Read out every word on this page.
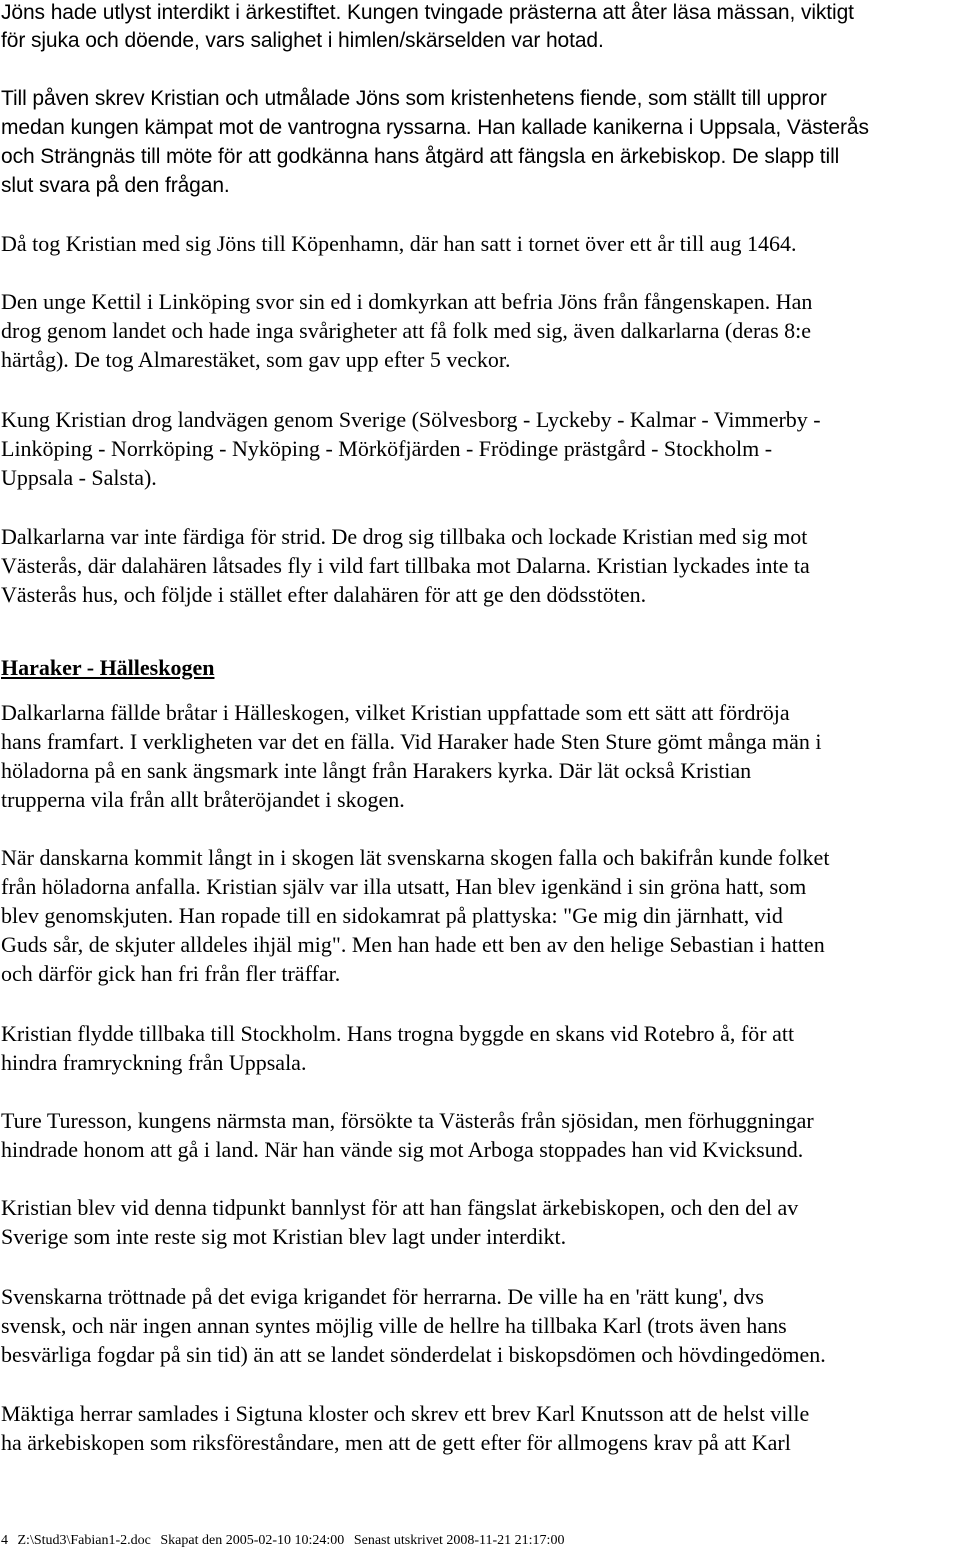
Jöns hade utlyst interdikt i ärkestiftet. Kungen tvingade prästerna att åter läsa mässan, viktigt

för sjuka och döende, vars salighet i himlen/skärselden var hotad.

Till påven skrev Kristian och utmålade Jöns som kristenhetens fiende, som ställt till uppror

medan kungen kämpat mot de vantrogna ryssarna. Han kallade kanikerna i Uppsala, Västerås

och Strängnäs till möte för att godkänna hans åtgärd att fängsla en ärkebiskop. De slapp till

slut svara på den frågan.

Då tog Kristian med sig Jöns till Köpenhamn, där han satt i tornet över ett år till aug 1464.

Den unge Kettil i Linköping svor sin ed i domkyrkan att befria Jöns från fångenskapen. Han

drog genom landet och hade inga svårigheter att få folk med sig, även dalkarlarna (deras 8:e

härtåg). De tog Almarestäket, som gav upp efter 5 veckor.

Kung Kristian drog landvägen genom Sverige (Sölvesborg - Lyckeby - Kalmar - Vimmerby -

Linköping - Norrköping - Nyköping - Mörköfjärden - Frödinge prästgård - Stockholm -

Uppsala - Salsta).

Dalkarlarna var inte färdiga för strid. De drog sig tillbaka och lockade Kristian med sig mot

Västerås, där dalahären låtsades fly i vild fart tillbaka mot Dalarna. Kristian lyckades inte ta

Västerås hus, och följde i stället efter dalahären för att ge den dödsstöten.

Haraker - Hälleskogen

Dalkarlarna fällde bråtar i Hälleskogen, vilket Kristian uppfattade som ett sätt att fördröja

hans framfart. I verkligheten var det en fälla. Vid Haraker hade Sten Sture gömt många män i

höladorna på en sank ängsmark inte långt från Harakers kyrka. Där lät också Kristian

trupperna vila från allt bråteröjandet i skogen.

När danskarna kommit långt in i skogen lät svenskarna skogen falla och bakifrån kunde folket

från höladorna anfalla. Kristian själv var illa utsatt, Han blev igenkänd i sin gröna hatt, som

blev genomskjuten. Han ropade till en sidokamrat på plattyska: "Ge mig din järnhatt, vid

Guds sår, de skjuter alldeles ihjäl mig". Men han hade ett ben av den helige Sebastian i hatten

och därför gick han fri från fler träffar.

Kristian flydde tillbaka till Stockholm. Hans trogna byggde en skans vid Rotebro å, för att

hindra framryckning från Uppsala.

Ture Turesson, kungens närmsta man, försökte ta Västerås från sjösidan, men förhuggningar

hindrade honom att gå i land. När han vände sig mot Arboga stoppades han vid Kvicksund.

Kristian blev vid denna tidpunkt bannlyst för att han fängslat ärkebiskopen, och den del av

Sverige som inte reste sig mot Kristian blev lagt under interdikt.

Svenskarna tröttnade på det eviga krigandet för herrarna. De ville ha en 'rätt kung', dvs

svensk, och när ingen annan syntes möjlig ville de hellre ha tillbaka Karl (trots även hans

besvärliga fogdar på sin tid) än att se landet sönderdelat i biskopsdömen och hövdingedömen.

Mäktiga herrar samlades i Sigtuna kloster och skrev ett brev Karl Knutsson att de helst ville

ha ärkebiskopen som riksföreståndare, men att de gett efter för allmogens krav på att Karl

4 Z:\Stud3\Fabian1-2.doc Skapat den 2005-02-10 10:24:00 Senast utskrivet 2008-11-21 21:17:00
